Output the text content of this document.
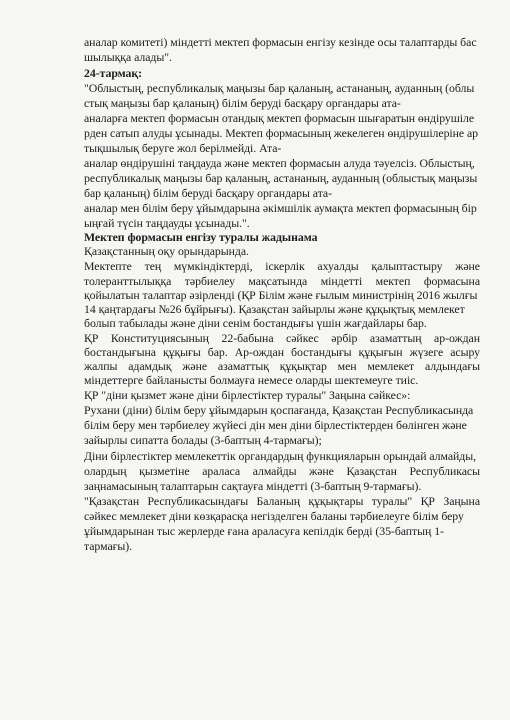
аналар комитеті) міндетті мектеп формасын енгізу кезінде осы талаптарды бас
шылыққа алады".
24-тармақ:
"Облыстың, республикалық маңызы бар қаланың, астананың, ауданның (облы
стық маңызы бар қаланың) білім беруді басқару органдары ата-
аналарға мектеп формасын отандық мектеп формасын шығаратын өндірушіле
рден сатып алуды ұсынады. Мектеп формасының жекелеген өндірушілеріне ар
тықшылық беруге жол берілмейді. Ата-
аналар өндірушіні таңдауда және мектеп формасын алуда тәуелсіз. Облыстың,
республикалық маңызы бар қаланың, астананың, ауданның (облыстық маңызы
бар қаланың) білім беруді басқару органдары ата-
аналар мен білім беру ұйымдарына әкімшілік аумақта мектеп формасының бір
ыңғай түсін таңдауды ұсынады.".
Мектеп формасын енгізу туралы жадынама
Қазақстанның оқу орындарында.
Мектепте тең мүмкіндіктерді, іскерлік ахуалды қалыптастыру және
толеранттылыққа тәрбиелеу мақсатында міндетті мектеп формасына
қойылатын талаптар әзірленді (ҚР Білім және ғылым министрінің 2016 жылғы
14 қаңтардағы №26 бұйрығы). Қазақстан зайырлы және құқықтық мемлекет
болып табылады және діни сенім бостандығы үшін жағдайлары бар.
ҚР Конституциясының 22-бабына сәйкес әрбір азаматтың ар-ождан
бостандығына құқығы бар. Ар-ождан бостандығы құқығын жүзеге асыру
жалпы адамдық және азаматтық құқықтар мен мемлекет алдындағы
міндеттерге байланысты болмауға немесе оларды шектемеуге тиіс.
ҚР "діни қызмет және діни бірлестіктер туралы" Заңына сәйкес»:
Рухани (діни) білім беру ұйымдарын қоспағанда, Қазақстан Республикасында
білім беру мен тәрбиелеу жүйесі дін мен діни бірлестіктерден бөлінген және
зайырлы сипатта болады (3-баптың 4-тармағы);
Діни бірлестіктер мемлекеттік органдардың функцияларын орындай алмайды,
олардың қызметіне араласа алмайды және Қазақстан Республикасы
заңнамасының талаптарын сақтауға міндетті (3-баптың 9-тармағы).
"Қазақстан Республикасындағы Баланың құқықтары туралы" ҚР Заңына
сәйкес мемлекет діни көзқарасқа негізделген баланы тәрбиелеуге білім беру
ұйымдарынан тыс жерлерде ғана араласуға кепілдік берді (35-баптың 1-
тармағы).
